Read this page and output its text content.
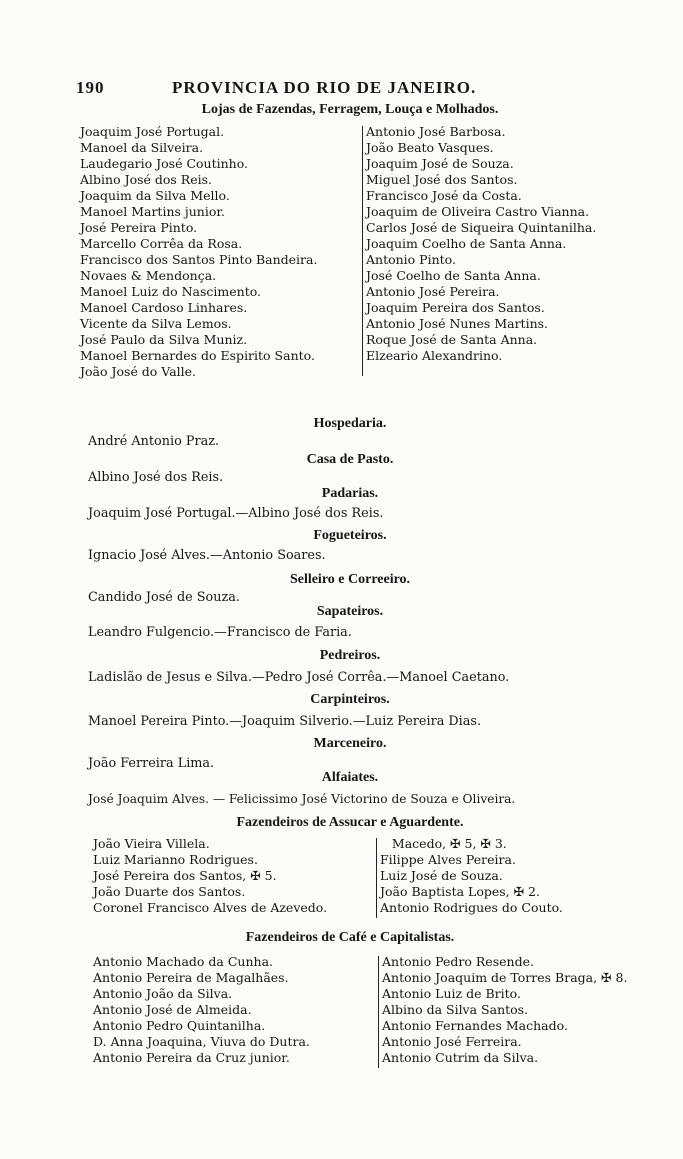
190	PROVINCIA DO RIO DE JANEIRO.
Lojas de Fazendas, Ferragem, Louça e Molhados.
Joaquim José Portugal.
Manoel da Silveira.
Laudegario José Coutinho.
Albino José dos Reis.
Joaquim da Silva Mello.
Manoel Martins junior.
José Pereira Pinto.
Marcello Corrêa da Rosa.
Francisco dos Santos Pinto Bandeira.
Novaes & Mendonça.
Manoel Luiz do Nascimento.
Manoel Cardoso Linhares.
Vicente da Silva Lemos.
José Paulo da Silva Muniz.
Manoel Bernardes do Espirito Santo.
João José do Valle.
Antonio José Barbosa.
João Beato Vasques.
Joaquim José de Souza.
Miguel José dos Santos.
Francisco José da Costa.
Joaquim de Oliveira Castro Vianna.
Carlos José de Siqueira Quintanilha.
Joaquim Coelho de Santa Anna.
Antonio Pinto.
José Coelho de Santa Anna.
Antonio José Pereira.
Joaquim Pereira dos Santos.
Antonio José Nunes Martins.
Roque José de Santa Anna.
Elzeario Alexandrino.
Hospedaria.
André Antonio Praz.
Casa de Pasto.
Albino José dos Reis.
Padarias.
Joaquim José Portugal.—Albino José dos Reis.
Fogueteiros.
Ignacio José Alves.—Antonio Soares.
Selleiro e Correeiro.
Candido José de Souza.
Sapateiros.
Leandro Fulgencio.—Francisco de Faria.
Pedreiros.
Ladislão de Jesus e Silva.—Pedro José Corrêa.—Manoel Caetano.
Carpinteiros.
Manoel Pereira Pinto.—Joaquim Silverio.—Luiz Pereira Dias.
Marceneiro.
João Ferreira Lima.
Alfaiates.
José Joaquim Alves. — Felicissimo José Victorino de Souza e Oliveira.
Fazendeiros de Assucar e Aguardente.
João Vieira Villela.
Luiz Marianno Rodrigues.
José Pereira dos Santos, ✠ 5.
João Duarte dos Santos.
Coronel Francisco Alves de Azevedo.
Macedo, ✠ 5, ✠ 3.
Filippe Alves Pereira.
Luiz José de Souza.
João Baptista Lopes, ✠ 2.
Antonio Rodrigues do Couto.
Fazendeiros de Café e Capitalistas.
Antonio Machado da Cunha.
Antonio Pereira de Magalhães.
Antonio João da Silva.
Antonio José de Almeida.
Antonio Pedro Quintanilha.
D. Anna Joaquina, Viuva do Dutra.
Antonio Pereira da Cruz junior.
Antonio Pedro Resende.
Antonio Joaquim de Torres Braga, ✠ 8.
Antonio Luiz de Brito.
Albino da Silva Santos.
Antonio Fernandes Machado.
Antonio José Ferreira.
Antonio Cutrim da Silva.
